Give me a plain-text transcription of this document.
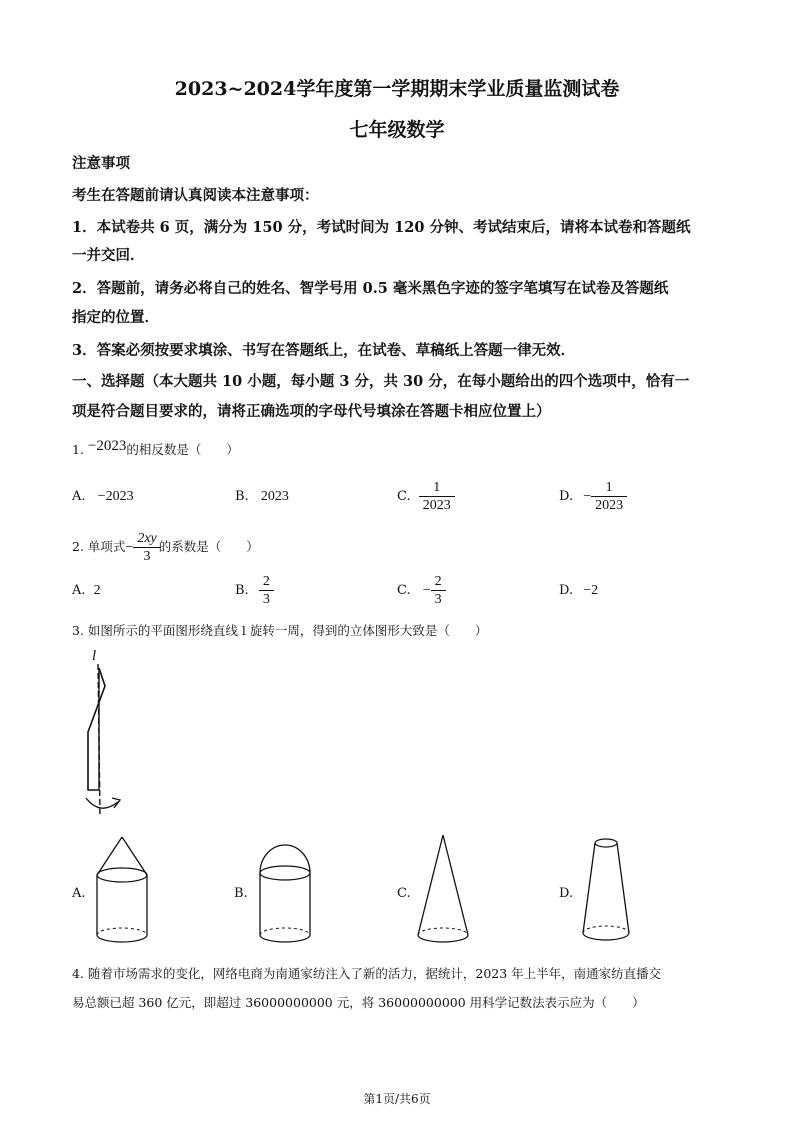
2023~2024学年度第一学期期末学业质量监测试卷
七年级数学
注意事项
考生在答题前请认真阅读本注意事项：
1．本试卷共 6 页，满分为 150 分，考试时间为 120 分钟、考试结束后，请将本试卷和答题纸
一并交回．
2．答题前，请务必将自己的姓名、智学号用 0.5 毫米黑色字迹的签字笔填写在试卷及答题纸
指定的位置．
3．答案必须按要求填涂、书写在答题纸上，在试卷、草稿纸上答题一律无效．
一、选择题（本大题共 10 小题，每小题 3 分，共 30 分，在每小题给出的四个选项中，恰有一
项是符合题目要求的，请将正确选项的字母代号填涂在答题卡相应位置上）
1. −2023的相反数是（　　）
A. −2023	B. 2023	C. $\frac{1}{2023}$	D. − $\frac{1}{2023}$
2. 单项式− $\frac{2xy}{3}$ 的系数是（　　）
A. 2	B. $\frac{2}{3}$	C. − $\frac{2}{3}$	D. −2
3. 如图所示的平面图形绕直线 l 旋转一周，得到的立体图形大致是（　　）
l
A.	B.	C.	D.
4. 随着市场需求的变化，网络电商为南通家纺注入了新的活力，据统计，2023 年上半年，南通家纺直播交
易总额已超 360 亿元，即超过 36000000000 元，将 36000000000 用科学记数法表示应为（　　）
第1页/共6页
